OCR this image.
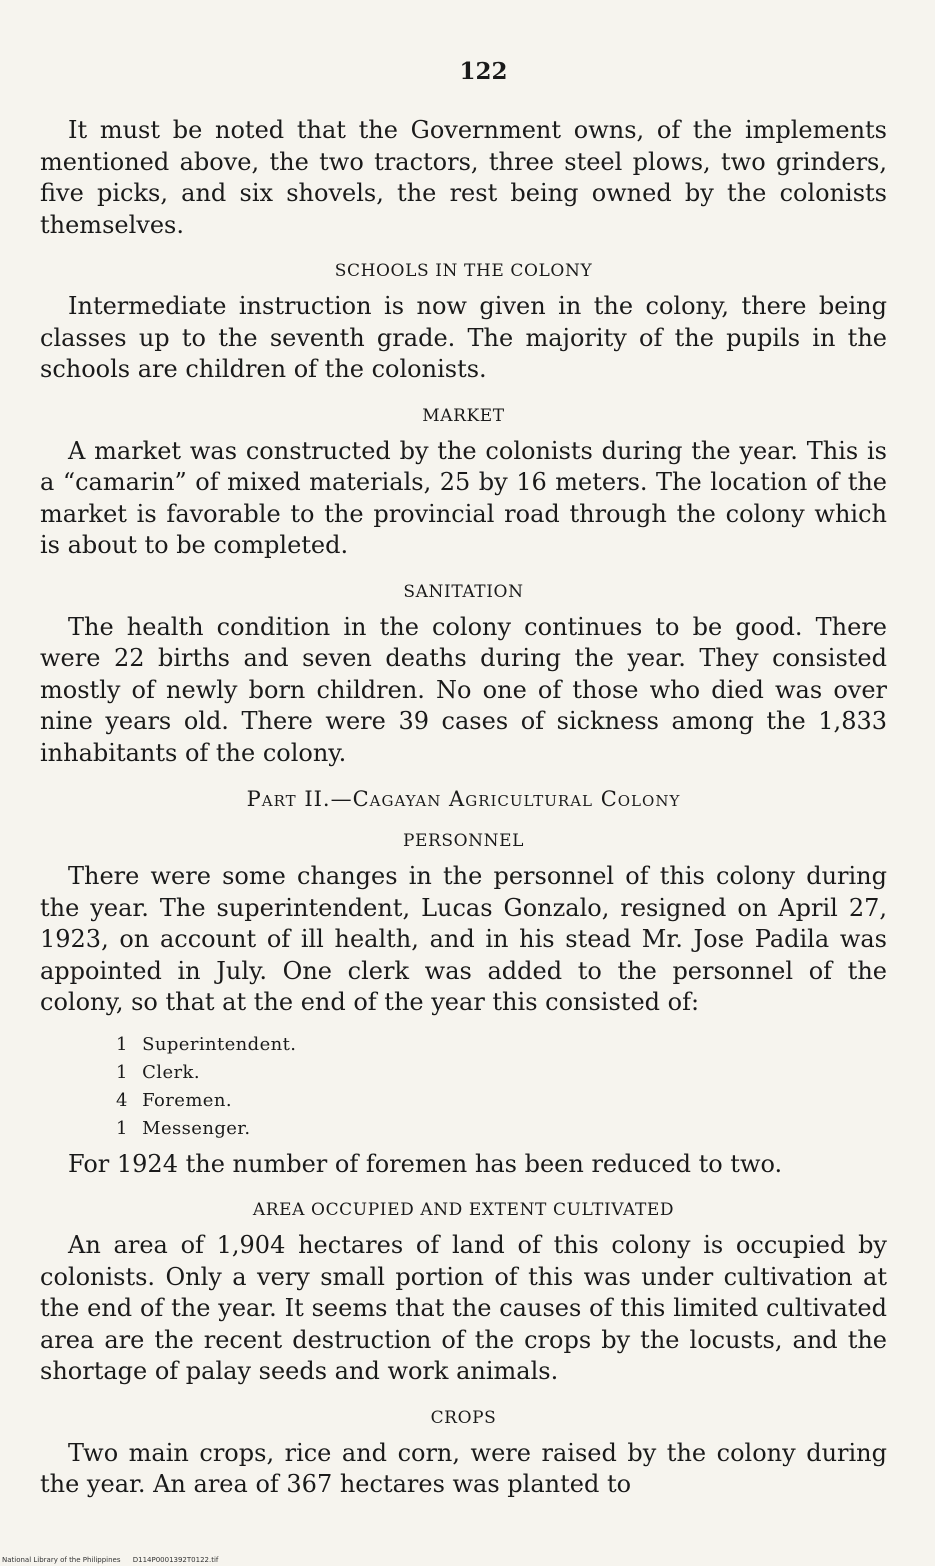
122

It must be noted that the Government owns, of the implements mentioned above, the two tractors, three steel plows, two grinders, five picks, and six shovels, the rest being owned by the colonists themselves.

SCHOOLS IN THE COLONY

Intermediate instruction is now given in the colony, there being classes up to the seventh grade. The majority of the pupils in the schools are children of the colonists.

MARKET

A market was constructed by the colonists during the year. This is a “camarin” of mixed materials, 25 by 16 meters. The location of the market is favorable to the provincial road through the colony which is about to be completed.

SANITATION

The health condition in the colony continues to be good. There were 22 births and seven deaths during the year. They consisted mostly of newly born children. No one of those who died was over nine years old. There were 39 cases of sickness among the 1,833 inhabitants of the colony.

Part II.—Cagayan Agricultural Colony
PERSONNEL

There were some changes in the personnel of this colony during the year. The superintendent, Lucas Gonzalo, resigned on April 27, 1923, on account of ill health, and in his stead Mr. Jose Padila was appointed in July. One clerk was added to the personnel of the colony, so that at the end of the year this consisted of:

1 Superintendent.
1 Clerk.
4 Foremen.
1 Messenger.

For 1924 the number of foremen has been reduced to two.

AREA OCCUPIED AND EXTENT CULTIVATED

An area of 1,904 hectares of land of this colony is occupied by colonists. Only a very small portion of this was under cultivation at the end of the year. It seems that the causes of this limited cultivated area are the recent destruction of the crops by the locusts, and the shortage of palay seeds and work animals.

CROPS

Two main crops, rice and corn, were raised by the colony during the year. An area of 367 hectares was planted to

National Library of the Philippines D114P0001392T0122.tif
